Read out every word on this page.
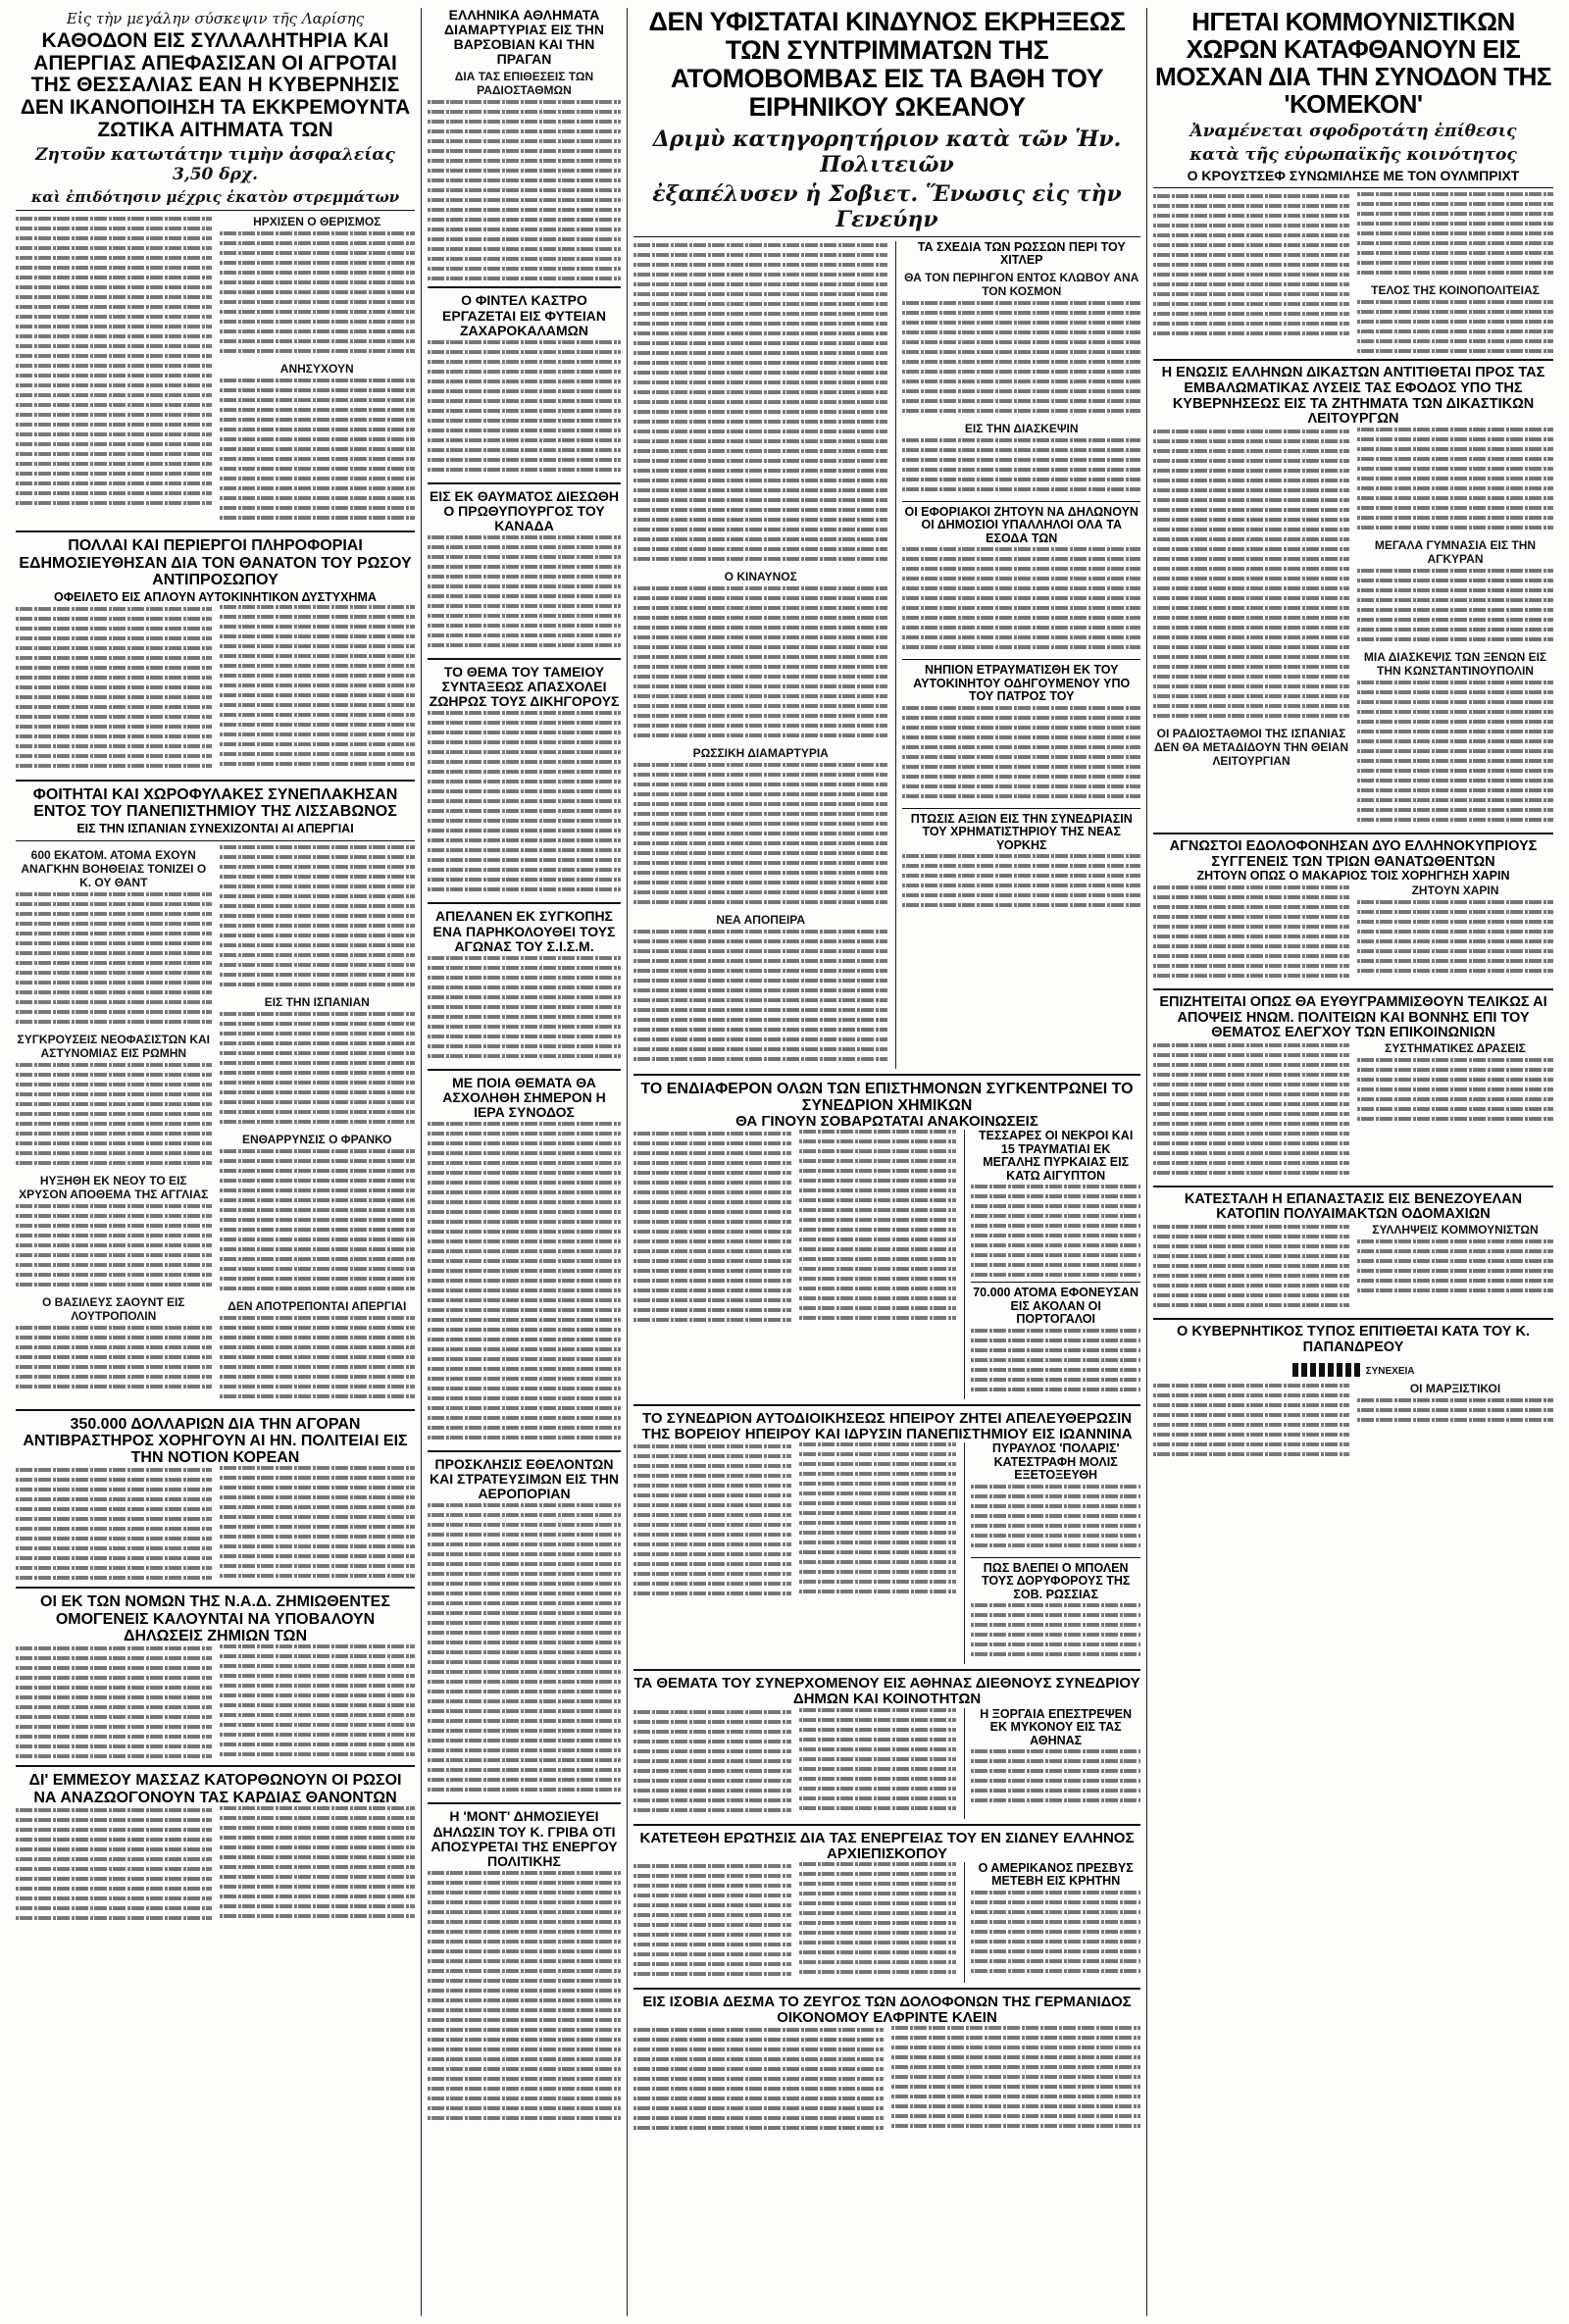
Εἰς τὴν μεγάλην σύσκεψιν τῆς Λαρίσης
ΚΑΘΟΔΟΝ ΕΙΣ ΣΥΛΛΑΛΗΤΗΡΙΑ ΚΑΙ ΑΠΕΡΓΙΑΣ ΑΠΕΦΑΣΙΣΑΝ ΟΙ ΑΓΡΟΤΑΙ ΤΗΣ ΘΕΣΣΑΛΙΑΣ ΕΑΝ Η ΚΥΒΕΡΝΗΣΙΣ ΔΕΝ ΙΚΑΝΟΠΟΙΗΣΗ ΤΑ ΕΚΚΡΕΜΟΥΝΤΑ ΖΩΤΙΚΑ ΑΙΤΗΜΑΤΑ ΤΩΝ
Ζητοῦν κατωτάτην τιμὴν ἀσφαλείας 3,50 δρχ.
καὶ ἐπιδότησιν μέχρις ἑκατὸν στρεμμάτων
ΗΡΧΙΣΕΝ Ο ΘΕΡΙΣΜΟΣ
ΑΝΗΣΥΧΟΥΝ
ΠΟΛΛΑΙ ΚΑΙ ΠΕΡΙΕΡΓΟΙ ΠΛΗΡΟΦΟΡΙΑΙ ΕΔΗΜΟΣΙΕΥΘΗΣΑΝ ΔΙΑ ΤΟΝ ΘΑΝΑΤΟΝ ΤΟΥ ΡΩΣΟΥ ΑΝΤΙΠΡΟΣΩΠΟΥ
ΟΦΕΙΛΕΤΟ ΕΙΣ ΑΠΛΟΥΝ ΑΥΤΟΚΙΝΗΤΙΚΟΝ ΔΥΣΤΥΧΗΜΑ
ΦΟΙΤΗΤΑΙ ΚΑΙ ΧΩΡΟΦΥΛΑΚΕΣ ΣΥΝΕΠΛΑΚΗΣΑΝ ΕΝΤΟΣ ΤΟΥ ΠΑΝΕΠΙΣΤΗΜΙΟΥ ΤΗΣ ΛΙΣΣΑΒΩΝΟΣ
ΕΙΣ ΤΗΝ ΙΣΠΑΝΙΑΝ ΣΥΝΕΧΙΖΟΝΤΑΙ ΑΙ ΑΠΕΡΓΙΑΙ
600 ΕΚΑΤΟΜ. ΑΤΟΜΑ ΕΧΟΥΝ ΑΝΑΓΚΗΝ ΒΟΗΘΕΙΑΣ ΤΟΝΙΖΕΙ Ο Κ. ΟΥ ΘΑΝΤ
ΣΥΓΚΡΟΥΣΕΙΣ ΝΕΟΦΑΣΙΣΤΩΝ ΚΑΙ ΑΣΤΥΝΟΜΙΑΣ ΕΙΣ ΡΩΜΗΝ
ΗΥΞΗΘΗ ΕΚ ΝΕΟΥ ΤΟ ΕΙΣ ΧΡΥΣΟΝ ΑΠΟΘΕΜΑ ΤΗΣ ΑΓΓΛΙΑΣ
Ο ΒΑΣΙΛΕΥΣ ΣΑΟΥΝΤ ΕΙΣ ΛΟΥΤΡΟΠΟΛΙΝ
ΕΙΣ ΤΗΝ ΙΣΠΑΝΙΑΝ
ΕΝΘΑΡΡΥΝΣΙΣ Ο ΦΡΑΝΚΟ
ΔΕΝ ΑΠΟΤΡΕΠΟΝΤΑΙ ΑΠΕΡΓΙΑΙ
350.000 ΔΟΛΛΑΡΙΩΝ ΔΙΑ ΤΗΝ ΑΓΟΡΑΝ ΑΝΤΙΒΡΑΣΤΗΡΟΣ ΧΟΡΗΓΟΥΝ ΑΙ ΗΝ. ΠΟΛΙΤΕΙΑΙ ΕΙΣ ΤΗΝ ΝΟΤΙΟΝ ΚΟΡΕΑΝ
ΟΙ ΕΚ ΤΩΝ ΝΟΜΩΝ ΤΗΣ Ν.Α.Δ. ΖΗΜΙΩΘΕΝΤΕΣ ΟΜΟΓΕΝΕΙΣ ΚΑΛΟΥΝΤΑΙ ΝΑ ΥΠΟΒΑΛΟΥΝ ΔΗΛΩΣΕΙΣ ΖΗΜΙΩΝ ΤΩΝ
ΔΙ' ΕΜΜΕΣΟΥ ΜΑΣΣΑΖ ΚΑΤΟΡΘΩΝΟΥΝ ΟΙ ΡΩΣΟΙ ΝΑ ΑΝΑΖΩΟΓΟΝΟΥΝ ΤΑΣ ΚΑΡΔΙΑΣ ΘΑΝΟΝΤΩΝ
ΕΛΛΗΝΙΚΑ ΑΘΛΗΜΑΤΑ ΔΙΑΜΑΡΤΥΡΙΑΣ ΕΙΣ ΤΗΝ ΒΑΡΣΟΒΙΑΝ ΚΑΙ ΤΗΝ ΠΡΑΓΑΝ
ΔΙΑ ΤΑΣ ΕΠΙΘΕΣΕΙΣ ΤΩΝ ΡΑΔΙΟΣΤΑΘΜΩΝ
Ο ΦΙΝΤΕΛ ΚΑΣΤΡΟ ΕΡΓΑΖΕΤΑΙ ΕΙΣ ΦΥΤΕΙΑΝ ΖΑΧΑΡΟΚΑΛΑΜΩΝ
ΕΙΣ ΕΚ ΘΑΥΜΑΤΟΣ ΔΙΕΣΩΘΗ Ο ΠΡΩΘΥΠΟΥΡΓΟΣ ΤΟΥ ΚΑΝΑΔΑ
ΤΟ ΘΕΜΑ ΤΟΥ ΤΑΜΕΙΟΥ ΣΥΝΤΑΞΕΩΣ ΑΠΑΣΧΟΛΕΙ ΖΩΗΡΩΣ ΤΟΥΣ ΔΙΚΗΓΟΡΟΥΣ
ΑΠΕΛΑΝΕΝ ΕΚ ΣΥΓΚΟΠΗΣ ΕΝΑ ΠΑΡΗΚΟΛΟΥΘΕΙ ΤΟΥΣ ΑΓΩΝΑΣ ΤΟΥ Σ.Ι.Σ.Μ.
ΜΕ ΠΟΙΑ ΘΕΜΑΤΑ ΘΑ ΑΣΧΟΛΗΘΗ ΣΗΜΕΡΟΝ Η ΙΕΡΑ ΣΥΝΟΔΟΣ
ΠΡΟΣΚΛΗΣΙΣ ΕΘΕΛΟΝΤΩΝ ΚΑΙ ΣΤΡΑΤΕΥΣΙΜΩΝ ΕΙΣ ΤΗΝ ΑΕΡΟΠΟΡΙΑΝ
Η 'ΜΟΝΤ' ΔΗΜΟΣΙΕΥΕΙ ΔΗΛΩΣΙΝ ΤΟΥ Κ. ΓΡΙΒΑ ΟΤΙ ΑΠΟΣΥΡΕΤΑΙ ΤΗΣ ΕΝΕΡΓΟΥ ΠΟΛΙΤΙΚΗΣ
ΔΕΝ ΥΦΙΣΤΑΤΑΙ ΚΙΝΔΥΝΟΣ ΕΚΡΗΞΕΩΣ ΤΩΝ ΣΥΝΤΡΙΜΜΑΤΩΝ ΤΗΣ ΑΤΟΜΟΒΟΜΒΑΣ ΕΙΣ ΤΑ ΒΑΘΗ ΤΟΥ ΕΙΡΗΝΙΚΟΥ ΩΚΕΑΝΟΥ
Δριμὺ κατηγορητήριον κατὰ τῶν Ἡν. Πολιτειῶν
ἐξαπέλυσεν ἡ Σοβιετ. Ἕνωσις εἰς τὴν Γενεύην
Ο ΚΙΝΑΥΝΟΣ
ΡΩΣΣΙΚΗ ΔΙΑΜΑΡΤΥΡΙΑ
ΝΕΑ ΑΠΟΠΕΙΡΑ
ΤΑ ΣΧΕΔΙΑ ΤΩΝ ΡΩΣΣΩΝ ΠΕΡΙ ΤΟΥ ΧΙΤΛΕΡ
ΘΑ ΤΟΝ ΠΕΡΙΗΓΟΝ ΕΝΤΟΣ ΚΛΩΒΟΥ ΑΝΑ ΤΟΝ ΚΟΣΜΟΝ
ΕΙΣ ΤΗΝ ΔΙΑΣΚΕΨΙΝ
ΟΙ ΕΦΟΡΙΑΚΟΙ ΖΗΤΟΥΝ ΝΑ ΔΗΛΩΝΟΥΝ ΟΙ ΔΗΜΟΣΙΟΙ ΥΠΑΛΛΗΛΟΙ ΟΛΑ ΤΑ ΕΣΟΔΑ ΤΩΝ
ΝΗΠΙΟΝ ΕΤΡΑΥΜΑΤΙΣΘΗ ΕΚ ΤΟΥ ΑΥΤΟΚΙΝΗΤΟΥ ΟΔΗΓΟΥΜΕΝΟΥ ΥΠΟ ΤΟΥ ΠΑΤΡΟΣ ΤΟΥ
ΠΤΩΣΙΣ ΑΞΙΩΝ ΕΙΣ ΤΗΝ ΣΥΝΕΔΡΙΑΣΙΝ ΤΟΥ ΧΡΗΜΑΤΙΣΤΗΡΙΟΥ ΤΗΣ ΝΕΑΣ ΥΟΡΚΗΣ
ΤΟ ΕΝΔΙΑΦΕΡΟΝ ΟΛΩΝ ΤΩΝ ΕΠΙΣΤΗΜΟΝΩΝ ΣΥΓΚΕΝΤΡΩΝΕΙ ΤΟ ΣΥΝΕΔΡΙΟΝ ΧΗΜΙΚΩΝ
ΘΑ ΓΙΝΟΥΝ ΣΟΒΑΡΩΤΑΤΑΙ ΑΝΑΚΟΙΝΩΣΕΙΣ
ΤΕΣΣΑΡΕΣ ΟΙ ΝΕΚΡΟΙ ΚΑΙ 15 ΤΡΑΥΜΑΤΙΑΙ ΕΚ ΜΕΓΑΛΗΣ ΠΥΡΚΑΙΑΣ ΕΙΣ ΚΑΤΩ ΑΙΓΥΠΤΟΝ
70.000 ΑΤΟΜΑ ΕΦΟΝΕΥΣΑΝ ΕΙΣ ΑΚΟΛΑΝ ΟΙ ΠΟΡΤΟΓΑΛΟΙ
ΤΟ ΣΥΝΕΔΡΙΟΝ ΑΥΤΟΔΙΟΙΚΗΣΕΩΣ ΗΠΕΙΡΟΥ ΖΗΤΕΙ ΑΠΕΛΕΥΘΕΡΩΣΙΝ ΤΗΣ ΒΟΡΕΙΟΥ ΗΠΕΙΡΟΥ ΚΑΙ ΙΔΡΥΣΙΝ ΠΑΝΕΠΙΣΤΗΜΙΟΥ ΕΙΣ ΙΩΑΝΝΙΝΑ
ΠΥΡΑΥΛΟΣ 'ΠΟΛΑΡΙΣ' ΚΑΤΕΣΤΡΑΦΗ ΜΟΛΙΣ ΕΞΕΤΟΞΕΥΘΗ
ΠΩΣ ΒΛΕΠΕΙ Ο ΜΠΟΛΕΝ ΤΟΥΣ ΔΟΡΥΦΟΡΟΥΣ ΤΗΣ ΣΟΒ. ΡΩΣΣΙΑΣ
ΤΑ ΘΕΜΑΤΑ ΤΟΥ ΣΥΝΕΡΧΟΜΕΝΟΥ ΕΙΣ ΑΘΗΝΑΣ ΔΙΕΘΝΟΥΣ ΣΥΝΕΔΡΙΟΥ ΔΗΜΩΝ ΚΑΙ ΚΟΙΝΟΤΗΤΩΝ
Η ΞΟΡΓΑΙΑ ΕΠΕΣΤΡΕΨΕΝ ΕΚ ΜΥΚΟΝΟΥ ΕΙΣ ΤΑΣ ΑΘΗΝΑΣ
ΚΑΤΕΤΕΘΗ ΕΡΩΤΗΣΙΣ ΔΙΑ ΤΑΣ ΕΝΕΡΓΕΙΑΣ ΤΟΥ ΕΝ ΣΙΔΝΕΥ ΕΛΛΗΝΟΣ ΑΡΧΙΕΠΙΣΚΟΠΟΥ
Ο ΑΜΕΡΙΚΑΝΟΣ ΠΡΕΣΒΥΣ ΜΕΤΕΒΗ ΕΙΣ ΚΡΗΤΗΝ
ΕΙΣ ΙΣΟΒΙΑ ΔΕΣΜΑ ΤΟ ΖΕΥΓΟΣ ΤΩΝ ΔΟΛΟΦΟΝΩΝ ΤΗΣ ΓΕΡΜΑΝΙΔΟΣ ΟΙΚΟΝΟΜΟΥ ΕΛΦΡΙΝΤΕ ΚΛΕΙΝ
ΗΓΕΤΑΙ ΚΟΜΜΟΥΝΙΣΤΙΚΩΝ ΧΩΡΩΝ ΚΑΤΑΦΘΑΝΟΥΝ ΕΙΣ ΜΟΣΧΑΝ ΔΙΑ ΤΗΝ ΣΥΝΟΔΟΝ ΤΗΣ 'ΚΟΜΕΚΟΝ'
Ἀναμένεται σφοδροτάτη ἐπίθεσις
κατὰ τῆς εὐρωπαϊκῆς κοινότητος
Ο ΚΡΟΥΣΤΣΕΦ ΣΥΝΩΜΙΛΗΣΕ ΜΕ ΤΟΝ ΟΥΛΜΠΡΙΧΤ
ΤΕΛΟΣ ΤΗΣ ΚΟΙΝΟΠΟΛΙΤΕΙΑΣ
Η ΕΝΩΣΙΣ ΕΛΛΗΝΩΝ ΔΙΚΑΣΤΩΝ ΑΝΤΙΤΙΘΕΤΑΙ ΠΡΟΣ ΤΑΣ ΕΜΒΑΛΩΜΑΤΙΚΑΣ ΛΥΣΕΙΣ ΤΑΣ ΕΦΟΔΟΣ ΥΠΟ ΤΗΣ ΚΥΒΕΡΝΗΣΕΩΣ ΕΙΣ ΤΑ ΖΗΤΗΜΑΤΑ ΤΩΝ ΔΙΚΑΣΤΙΚΩΝ ΛΕΙΤΟΥΡΓΩΝ
ΟΙ ΡΑΔΙΟΣΤΑΘΜΟΙ ΤΗΣ ΙΣΠΑΝΙΑΣ ΔΕΝ ΘΑ ΜΕΤΑΔΙΔΟΥΝ ΤΗΝ ΘΕΙΑΝ ΛΕΙΤΟΥΡΓΙΑΝ
ΜΕΓΑΛΑ ΓΥΜΝΑΣΙΑ ΕΙΣ ΤΗΝ ΑΓΚΥΡΑΝ
ΜΙΑ ΔΙΑΣΚΕΨΙΣ ΤΩΝ ΞΕΝΩΝ ΕΙΣ ΤΗΝ ΚΩΝΣΤΑΝΤΙΝΟΥΠΟΛΙΝ
ΑΓΝΩΣΤΟΙ ΕΔΟΛΟΦΟΝΗΣΑΝ ΔΥΟ ΕΛΛΗΝΟΚΥΠΡΙΟΥΣ ΣΥΓΓΕΝΕΙΣ ΤΩΝ ΤΡΙΩΝ ΘΑΝΑΤΩΘΕΝΤΩΝ
ΖΗΤΟΥΝ ΟΠΩΣ Ο ΜΑΚΑΡΙΟΣ ΤΟΙΣ ΧΟΡΗΓΗΣΗ ΧΑΡΙΝ
ΖΗΤΟΥΝ ΧΑΡΙΝ
ΕΠΙΖΗΤΕΙΤΑΙ ΟΠΩΣ ΘΑ ΕΥΘΥΓΡΑΜΜΙΣΘΟΥΝ ΤΕΛΙΚΩΣ ΑΙ ΑΠΟΨΕΙΣ ΗΝΩΜ. ΠΟΛΙΤΕΙΩΝ ΚΑΙ ΒΟΝΝΗΣ ΕΠΙ ΤΟΥ ΘΕΜΑΤΟΣ ΕΛΕΓΧΟΥ ΤΩΝ ΕΠΙΚΟΙΝΩΝΙΩΝ
ΣΥΣΤΗΜΑΤΙΚΕΣ ΔΡΑΣΕΙΣ
ΚΑΤΕΣΤΑΛΗ Η ΕΠΑΝΑΣΤΑΣΙΣ ΕΙΣ ΒΕΝΕΖΟΥΕΛΑΝ ΚΑΤΟΠΙΝ ΠΟΛΥΑΙΜΑΚΤΩΝ ΟΔΟΜΑΧΙΩΝ
ΣΥΛΛΗΨΕΙΣ ΚΟΜΜΟΥΝΙΣΤΩΝ
Ο ΚΥΒΕΡΝΗΤΙΚΟΣ ΤΥΠΟΣ ΕΠΙΤΙΘΕΤΑΙ ΚΑΤΑ ΤΟΥ Κ. ΠΑΠΑΝΔΡΕΟΥ
ΣΥΝΕΧΕΙΑ
ΟΙ ΜΑΡΞΙΣΤΙΚΟΙ
